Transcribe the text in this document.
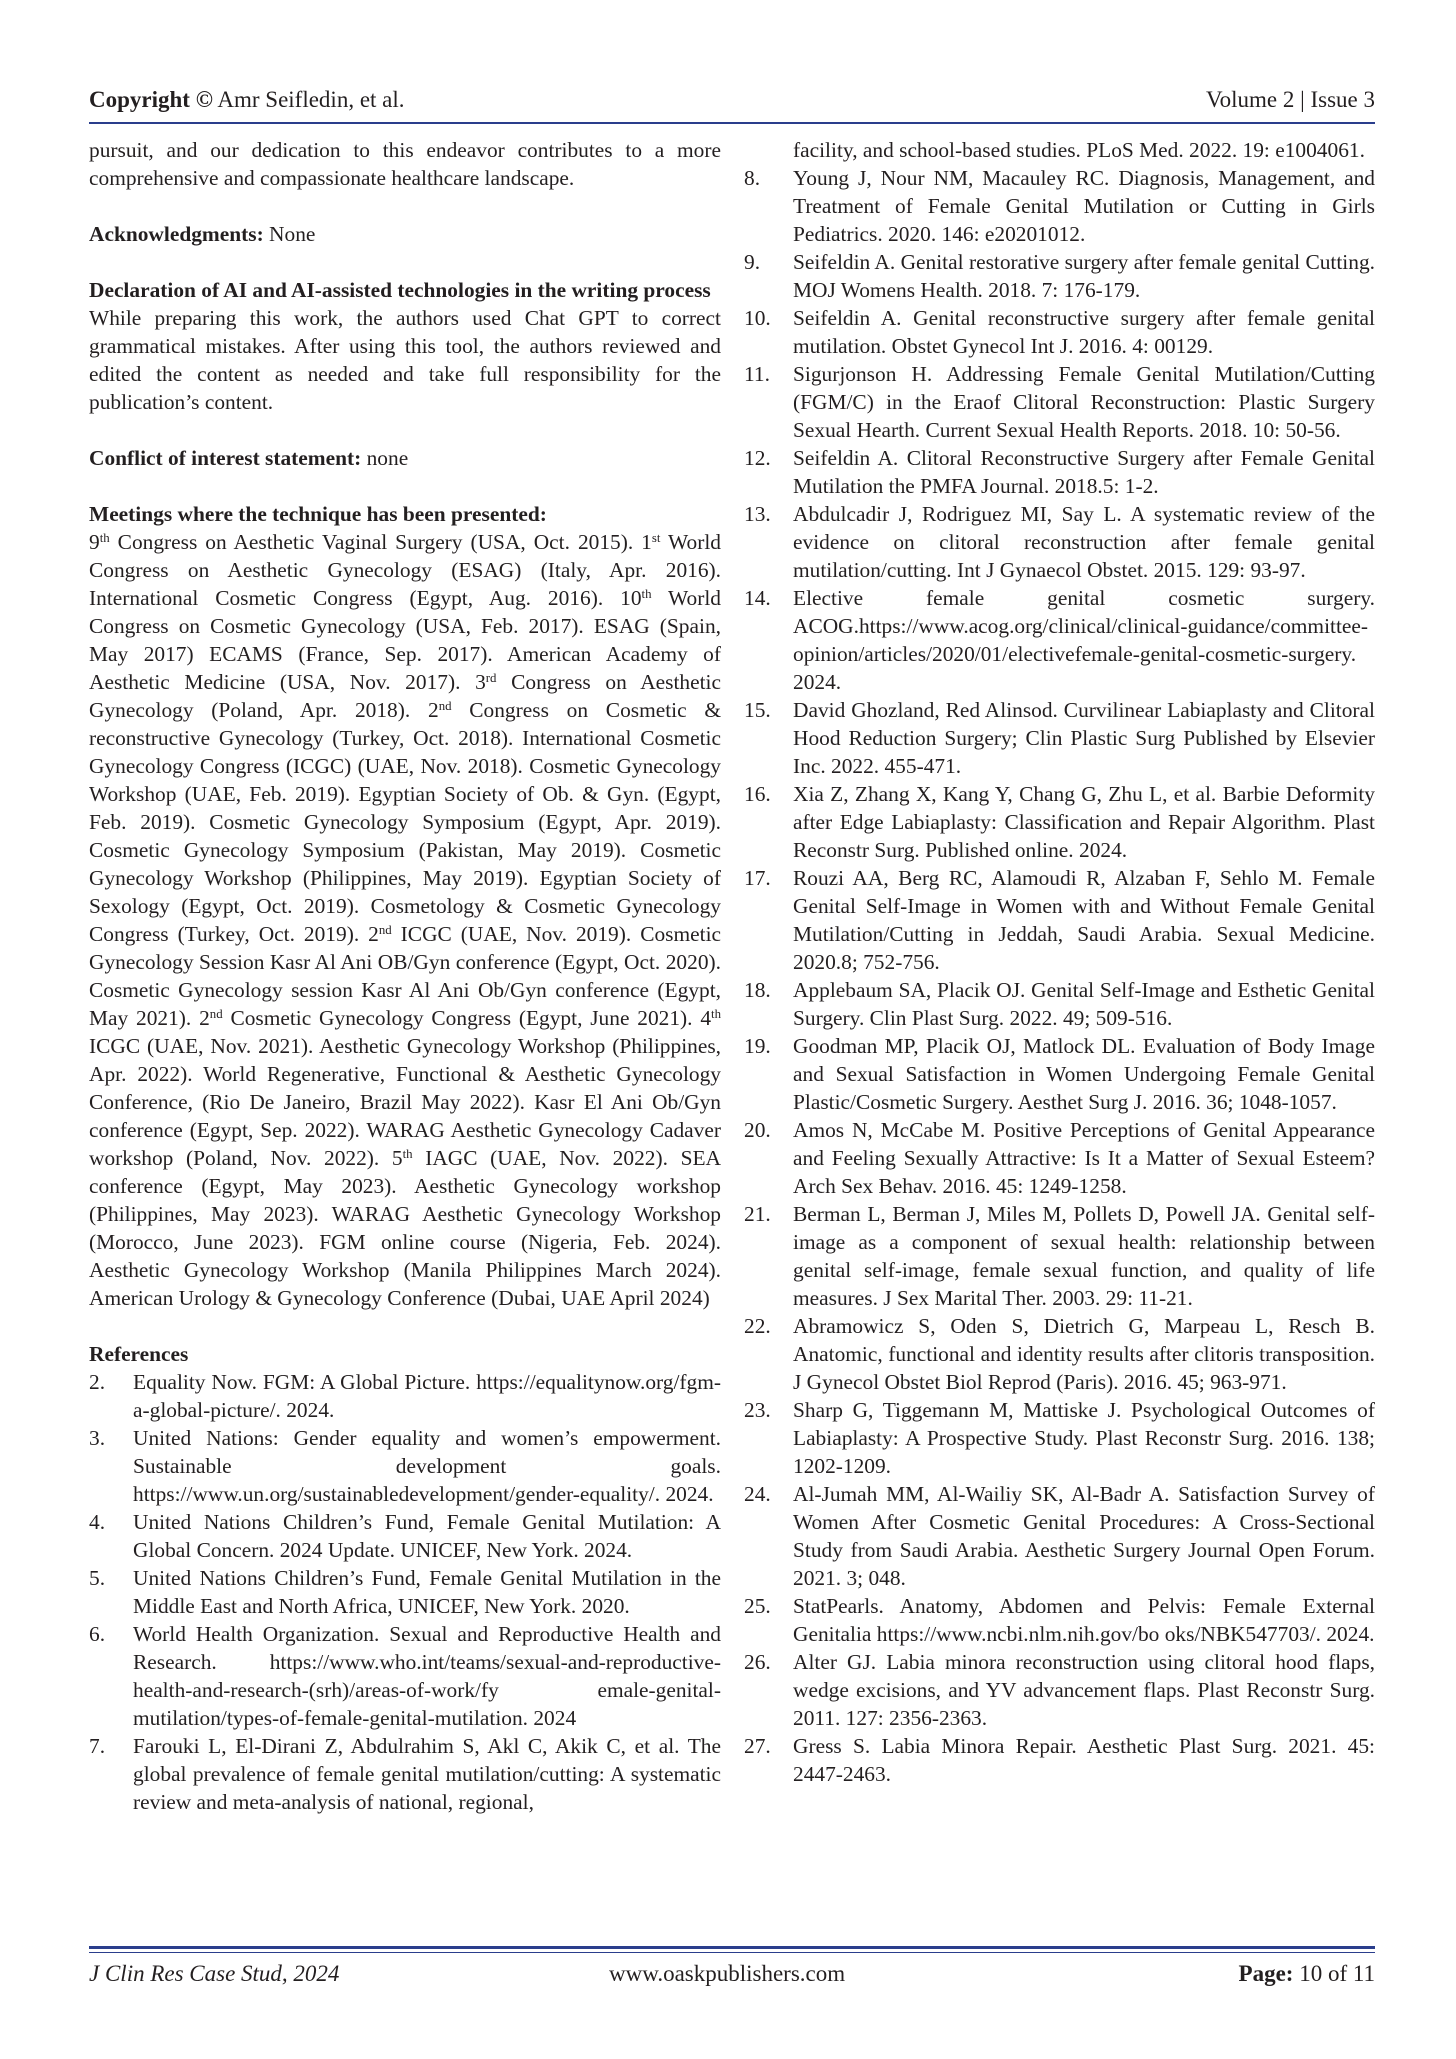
Copyright © Amr Seifledin, et al.	Volume 2 | Issue 3

pursuit, and our dedication to this endeavor contributes to a more comprehensive and compassionate healthcare landscape.

Acknowledgments: None

Declaration of AI and AI-assisted technologies in the writing process

While preparing this work, the authors used Chat GPT to correct grammatical mistakes. After using this tool, the authors reviewed and edited the content as needed and take full responsibility for the publication’s content.

Conflict of interest statement: none

Meetings where the technique has been presented:

9th Congress on Aesthetic Vaginal Surgery (USA, Oct. 2015). 1st World Congress on Aesthetic Gynecology (ESAG) (Italy, Apr. 2016). International Cosmetic Congress (Egypt, Aug. 2016). 10th World Congress on Cosmetic Gynecology (USA, Feb. 2017). ESAG (Spain, May 2017) ECAMS (France, Sep. 2017). American Academy of Aesthetic Medicine (USA, Nov. 2017). 3rd Congress on Aesthetic Gynecology (Poland, Apr. 2018). 2nd Congress on Cosmetic & reconstructive Gynecology (Turkey, Oct. 2018). International Cosmetic Gynecology Congress (ICGC) (UAE, Nov. 2018). Cosmetic Gynecology Workshop (UAE, Feb. 2019). Egyptian Society of Ob. & Gyn. (Egypt, Feb. 2019). Cosmetic Gynecology Symposium (Egypt, Apr. 2019). Cosmetic Gynecology Symposium (Pakistan, May 2019). Cosmetic Gynecology Workshop (Philippines, May 2019). Egyptian Society of Sexology (Egypt, Oct. 2019). Cosmetology & Cosmetic Gynecology Congress (Turkey, Oct. 2019). 2nd ICGC (UAE, Nov. 2019). Cosmetic Gynecology Session Kasr Al Ani OB/Gyn conference (Egypt, Oct. 2020). Cosmetic Gynecology session Kasr Al Ani Ob/Gyn conference (Egypt, May 2021). 2nd Cosmetic Gynecology Congress (Egypt, June 2021). 4th ICGC (UAE, Nov. 2021). Aesthetic Gynecology Workshop (Philippines, Apr. 2022). World Regenerative, Functional & Aesthetic Gynecology Conference, (Rio De Janeiro, Brazil May 2022). Kasr El Ani Ob/Gyn conference (Egypt, Sep. 2022). WARAG Aesthetic Gynecology Cadaver workshop (Poland, Nov. 2022). 5th IAGC (UAE, Nov. 2022). SEA conference (Egypt, May 2023). Aesthetic Gynecology workshop (Philippines, May 2023). WARAG Aesthetic Gynecology Workshop (Morocco, June 2023). FGM online course (Nigeria, Feb. 2024). Aesthetic Gynecology Workshop (Manila Philippines March 2024). American Urology & Gynecology Conference (Dubai, UAE April 2024)

References

2. Equality Now. FGM: A Global Picture. https://equalitynow.org/fgm-a-global-picture/. 2024.
3. United Nations: Gender equality and women’s empowerment. Sustainable development goals. https://www.un.org/sustainabledevelopment/gender-equality/. 2024.
4. United Nations Children’s Fund, Female Genital Mutilation: A Global Concern. 2024 Update. UNICEF, New York. 2024.
5. United Nations Children’s Fund, Female Genital Mutilation in the Middle East and North Africa, UNICEF, New York. 2020.
6. World Health Organization. Sexual and Reproductive Health and Research. https://www.who.int/teams/sexual-and-reproductive-health-and-research-(srh)/areas-of-work/fy emale-genital-mutilation/types-of-female-genital-mutilation. 2024
7. Farouki L, El-Dirani Z, Abdulrahim S, Akl C, Akik C, et al. The global prevalence of female genital mutilation/cutting: A systematic review and meta-analysis of national, regional,
facility, and school-based studies. PLoS Med. 2022. 19: e1004061.
8. Young J, Nour NM, Macauley RC. Diagnosis, Management, and Treatment of Female Genital Mutilation or Cutting in Girls Pediatrics. 2020. 146: e20201012.
9. Seifeldin A. Genital restorative surgery after female genital Cutting. MOJ Womens Health. 2018. 7: 176-179.
10. Seifeldin A. Genital reconstructive surgery after female genital mutilation. Obstet Gynecol Int J. 2016. 4: 00129.
11. Sigurjonson H. Addressing Female Genital Mutilation/Cutting (FGM/C) in the Eraof Clitoral Reconstruction: Plastic Surgery Sexual Hearth. Current Sexual Health Reports. 2018. 10: 50-56.
12. Seifeldin A. Clitoral Reconstructive Surgery after Female Genital Mutilation the PMFA Journal. 2018.5: 1-2.
13. Abdulcadir J, Rodriguez MI, Say L. A systematic review of the evidence on clitoral reconstruction after female genital mutilation/cutting. Int J Gynaecol Obstet. 2015. 129: 93-97.
14. Elective female genital cosmetic surgery. ACOG.https://www.acog.org/clinical/clinical-guidance/committee-opinion/articles/2020/01/electivefemale-genital-cosmetic-surgery. 2024.
15. David Ghozland, Red Alinsod. Curvilinear Labiaplasty and Clitoral Hood Reduction Surgery; Clin Plastic Surg Published by Elsevier Inc. 2022. 455-471.
16. Xia Z, Zhang X, Kang Y, Chang G, Zhu L, et al. Barbie Deformity after Edge Labiaplasty: Classification and Repair Algorithm. Plast Reconstr Surg. Published online. 2024.
17. Rouzi AA, Berg RC, Alamoudi R, Alzaban F, Sehlo M. Female Genital Self-Image in Women with and Without Female Genital Mutilation/Cutting in Jeddah, Saudi Arabia. Sexual Medicine. 2020.8; 752-756.
18. Applebaum SA, Placik OJ. Genital Self-Image and Esthetic Genital Surgery. Clin Plast Surg. 2022. 49; 509-516.
19. Goodman MP, Placik OJ, Matlock DL. Evaluation of Body Image and Sexual Satisfaction in Women Undergoing Female Genital Plastic/Cosmetic Surgery. Aesthet Surg J. 2016. 36; 1048-1057.
20. Amos N, McCabe M. Positive Perceptions of Genital Appearance and Feeling Sexually Attractive: Is It a Matter of Sexual Esteem? Arch Sex Behav. 2016. 45: 1249-1258.
21. Berman L, Berman J, Miles M, Pollets D, Powell JA. Genital self-image as a component of sexual health: relationship between genital self-image, female sexual function, and quality of life measures. J Sex Marital Ther. 2003. 29: 11-21.
22. Abramowicz S, Oden S, Dietrich G, Marpeau L, Resch B. Anatomic, functional and identity results after clitoris transposition. J Gynecol Obstet Biol Reprod (Paris). 2016. 45; 963-971.
23. Sharp G, Tiggemann M, Mattiske J. Psychological Outcomes of Labiaplasty: A Prospective Study. Plast Reconstr Surg. 2016. 138; 1202-1209.
24. Al-Jumah MM, Al-Wailiy SK, Al-Badr A. Satisfaction Survey of Women After Cosmetic Genital Procedures: A Cross-Sectional Study from Saudi Arabia. Aesthetic Surgery Journal Open Forum. 2021. 3; 048.
25. StatPearls. Anatomy, Abdomen and Pelvis: Female External Genitalia https://www.ncbi.nlm.nih.gov/bo oks/NBK547703/. 2024.
26. Alter GJ. Labia minora reconstruction using clitoral hood flaps, wedge excisions, and YV advancement flaps. Plast Reconstr Surg. 2011. 127: 2356-2363.
27. Gress S. Labia Minora Repair. Aesthetic Plast Surg. 2021. 45: 2447-2463.
J Clin Res Case Stud, 2024	www.oaskpublishers.com	Page: 10 of 11
